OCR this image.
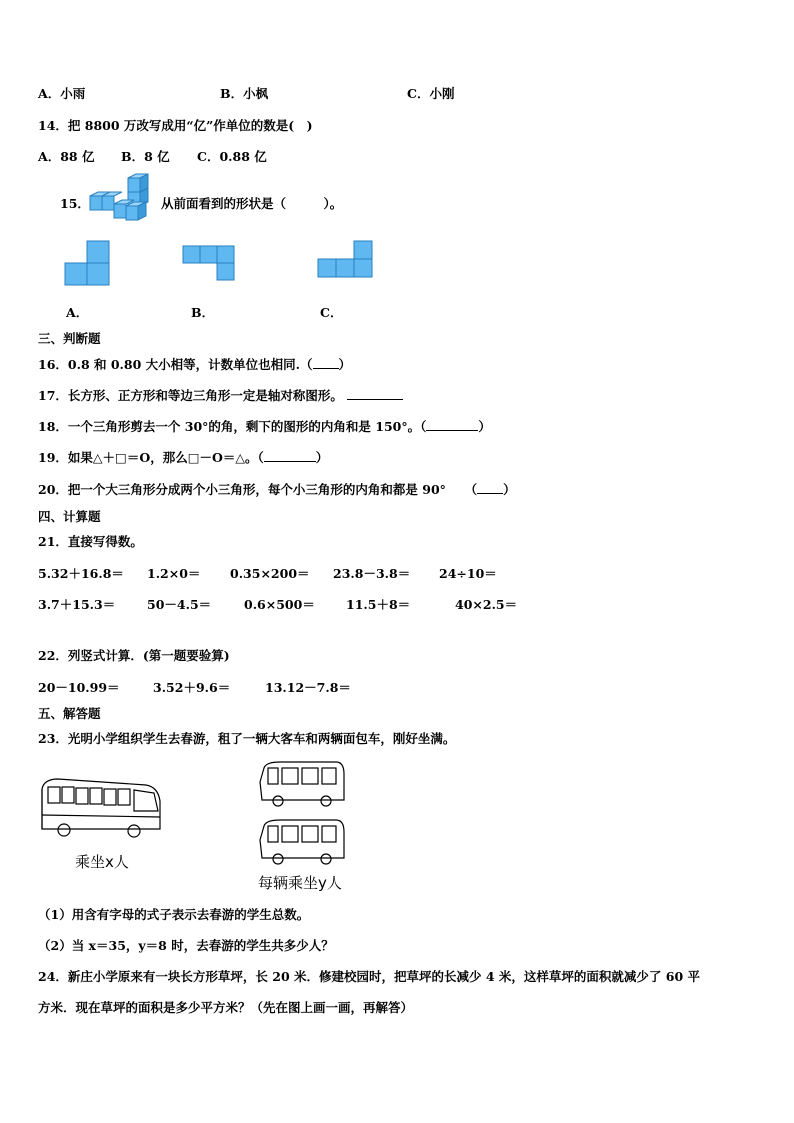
A．小雨	B．小枫	C．小刚
14．把 8800 万改写成用“亿”作单位的数是(　)
A．88 亿 B．8 亿 C．0.88 亿
15．	从前面看到的形状是（　　　）。
A．	B．	C．
三、判断题
16．0.8 和 0.80 大小相等，计数单位也相同.（ ）
17．长方形、正方形和等边三角形一定是轴对称图形。
18．一个三角形剪去一个 30°的角，剩下的图形的内角和是 150°。（	）
19．如果△＋□＝O，那么□－O＝△。（	）
20．把一个大三角形分成两个小三角形，每个小三角形的内角和都是 90°　　（ ）
四、计算题
21．直接写得数。
5.32＋16.8＝ 1.2×0＝ 0.35×200＝ 23.8－3.8＝ 24÷10＝
3.7＋15.3＝	50－4.5＝	0.6×500＝ 11.5＋8＝	40×2.5＝
22．列竖式计算．(第一题要验算)
20－10.99＝	3.52＋9.6＝	13.12－7.8＝
五、解答题
23．光明小学组织学生去春游，租了一辆大客车和两辆面包车，刚好坐满。
乘坐x人
每辆乘坐y人
（1）用含有字母的式子表示去春游的学生总数。
（2）当 x＝35，y＝8 时，去春游的学生共多少人？
24．新庄小学原来有一块长方形草坪，长 20 米．修建校园时，把草坪的长减少 4 米，这样草坪的面积就减少了 60 平
方米．现在草坪的面积是多少平方米？（先在图上画一画，再解答）
